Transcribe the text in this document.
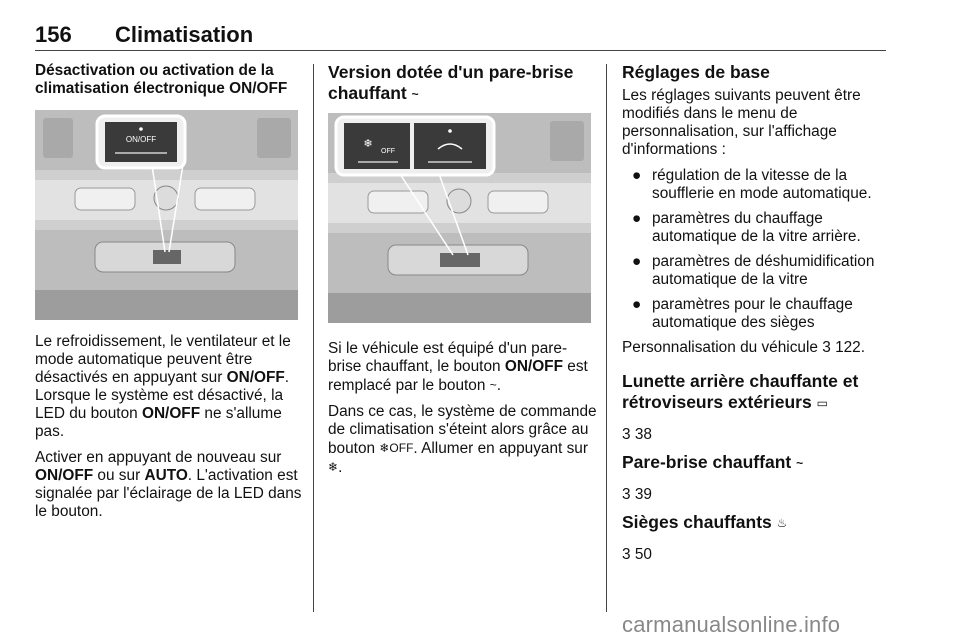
156 Climatisation
Désactivation ou activation de la climatisation électronique ON/OFF
ON/OFF

Le refroidissement, le ventilateur et le mode automatique peuvent être désactivés en appuyant sur ON/OFF. Lorsque le système est désactivé, la LED du bouton ON/OFF ne s'allume pas.

Activer en appuyant de nouveau sur ON/OFF ou sur AUTO. L'activation est signalée par l'éclairage de la LED dans le bouton.

Version dotée d'un pare-brise chauffant ~
❄
OFF

Si le véhicule est équipé d'un pare-brise chauffant, le bouton ON/OFF est remplacé par le bouton ~.

Dans ce cas, le système de commande de climatisation s'éteint alors grâce au bouton ❄OFF. Allumer en appuyant sur ❄.

Réglages de base

Les réglages suivants peuvent être modifiés dans le menu de personnalisation, sur l'affichage d'informations :

● régulation de la vitesse de la soufflerie en mode automatique.
● paramètres du chauffage automatique de la vitre arrière.
● paramètres de déshumidification automatique de la vitre
● paramètres pour le chauffage automatique des sièges

Personnalisation du véhicule 3 122.

Lunette arrière chauffante et rétroviseurs extérieurs ▭

3 38

Pare-brise chauffant ~

3 39

Sièges chauffants ♨

3 50

carmanualsonline.info
